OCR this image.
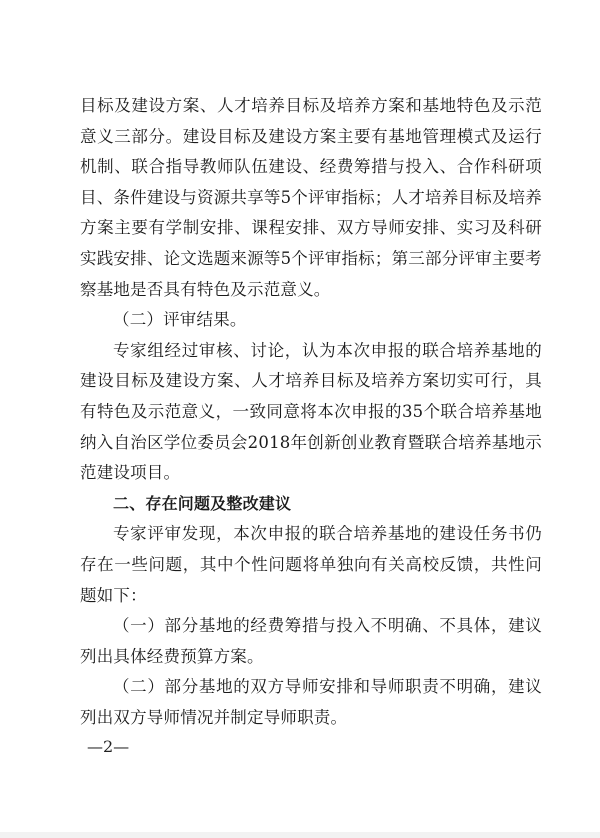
目标及建设方案、人才培养目标及培养方案和基地特色及示范意义三部分。建设目标及建设方案主要有基地管理模式及运行机制、联合指导教师队伍建设、经费筹措与投入、合作科研项目、条件建设与资源共享等5个评审指标；人才培养目标及培养方案主要有学制安排、课程安排、双方导师安排、实习及科研实践安排、论文选题来源等5个评审指标；第三部分评审主要考察基地是否具有特色及示范意义。

（二）评审结果。

专家组经过审核、讨论，认为本次申报的联合培养基地的建设目标及建设方案、人才培养目标及培养方案切实可行，具有特色及示范意义，一致同意将本次申报的35个联合培养基地纳入自治区学位委员会2018年创新创业教育暨联合培养基地示范建设项目。

二、存在问题及整改建议

专家评审发现，本次申报的联合培养基地的建设任务书仍存在一些问题，其中个性问题将单独向有关高校反馈，共性问题如下：

（一）部分基地的经费筹措与投入不明确、不具体，建议列出具体经费预算方案。

（二）部分基地的双方导师安排和导师职责不明确，建议列出双方导师情况并制定导师职责。

—2—
